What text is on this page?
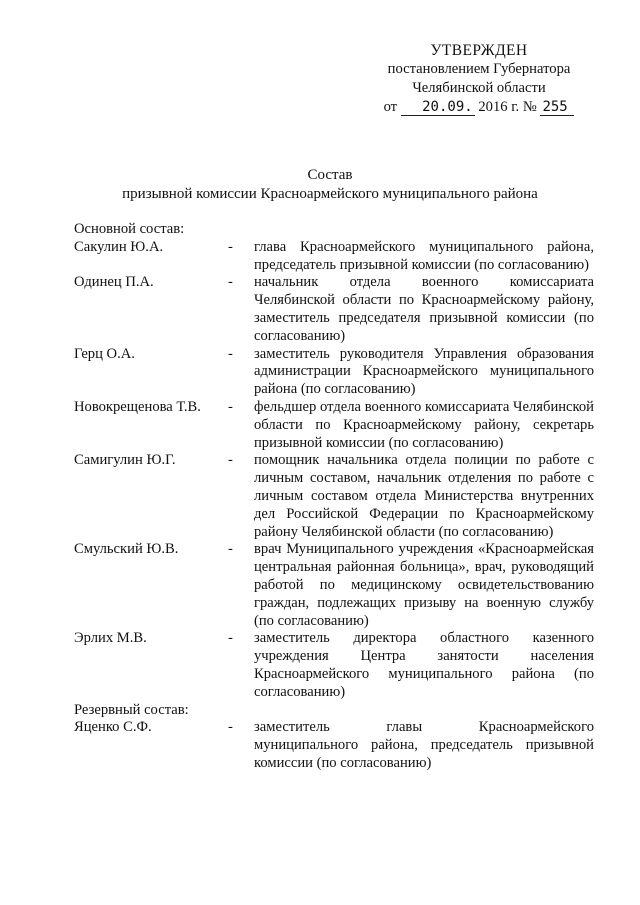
УТВЕРЖДЕН
постановлением Губернатора
Челябинской области
от 20.09. 2016 г. № 255
Состав
призывной комиссии Красноармейского муниципального района
Основной состав:
Сакулин Ю.А.	-	глава Красноармейского муниципального района, председатель призывной комиссии (по согласованию)
Одинец П.А.	-	начальник отдела военного комиссариата Челябинской области по Красноармейскому району, заместитель председателя призывной комиссии (по согласованию)
Герц О.А.	-	заместитель руководителя Управления образования администрации Красноармейского муниципального района (по согласованию)
Новокрещенова Т.В.	-	фельдшер отдела военного комиссариата Челябинской области по Красноармейскому району, секретарь призывной комиссии (по согласованию)
Самигулин Ю.Г.	-	помощник начальника отдела полиции по работе с личным составом, начальник отделения по работе с личным составом отдела Министерства внутренних дел Российской Федерации по Красноармейскому району Челябинской области (по согласованию)
Смульский Ю.В.	-	врач Муниципального учреждения «Красноармейская центральная районная больница», врач, руководящий работой по медицинскому освидетельствованию граждан, подлежащих призыву на военную службу (по согласованию)
Эрлих М.В.	-	заместитель директора областного казенного учреждения Центра занятости населения Красноармейского муниципального района (по согласованию)
Резервный состав:
Яценко С.Ф.	-	заместитель главы Красноармейского муниципального района, председатель призывной комиссии (по согласованию)
